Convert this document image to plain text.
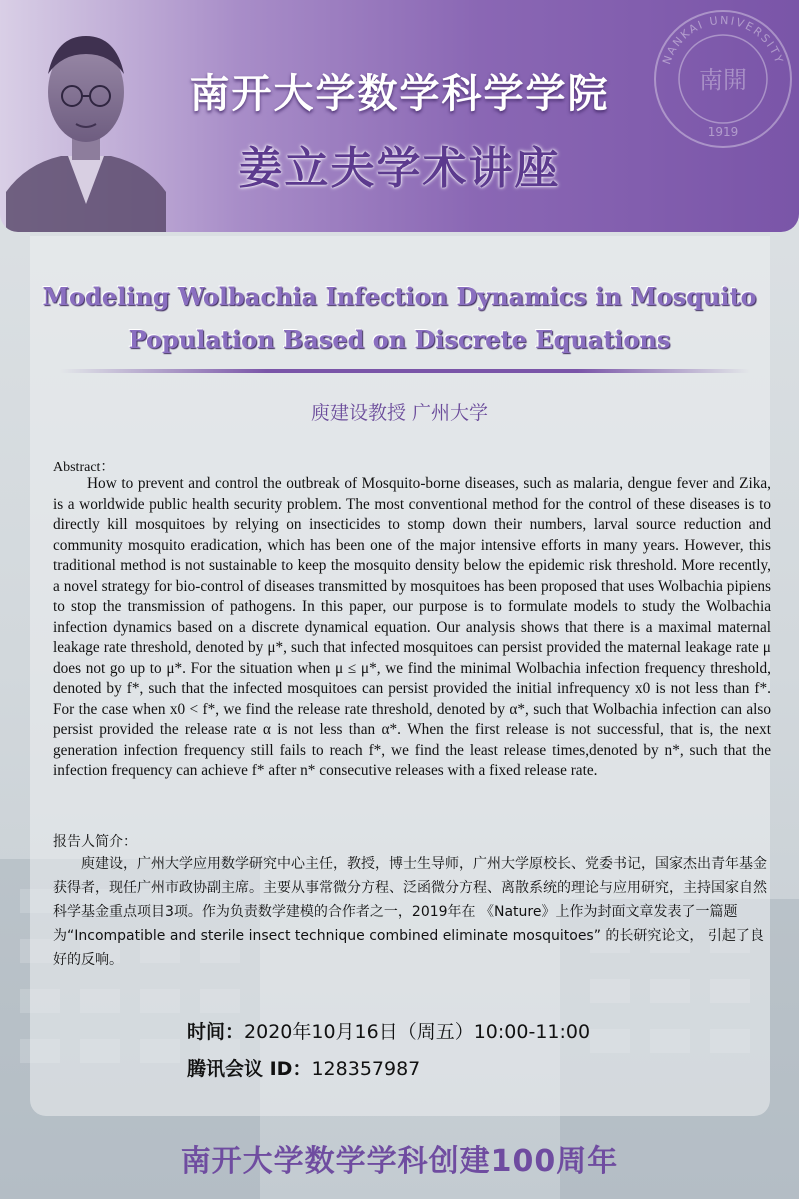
NANKAI UNIVERSITY
南開
1919
南开大学数学科学学院
姜立夫学术讲座
Modeling Wolbachia Infection Dynamics in Mosquito
Population Based on Discrete Equations
庾建设教授 广州大学
Abstract：

How to prevent and control the outbreak of Mosquito-borne diseases, such as malaria, dengue fever and Zika, is a worldwide public health security problem. The most conventional method for the control of these diseases is to directly kill mosquitoes by relying on insecticides to stomp down their numbers, larval source reduction and community mosquito eradication, which has been one of the major intensive efforts in many years. However, this traditional method is not sustainable to keep the mosquito density below the epidemic risk threshold. More recently, a novel strategy for bio-control of diseases transmitted by mosquitoes has been proposed that uses Wolbachia pipiens to stop the transmission of pathogens. In this paper, our purpose is to formulate models to study the Wolbachia infection dynamics based on a discrete dynamical equation. Our analysis shows that there is a maximal maternal leakage rate threshold, denoted by μ*, such that infected mosquitoes can persist provided the maternal leakage rate μ does not go up to μ*. For the situation when μ ≤ μ*, we find the minimal Wolbachia infection frequency threshold, denoted by f*, such that the infected mosquitoes can persist provided the initial infrequency x0 is not less than f*. For the case when x0 < f*, we find the release rate threshold, denoted by α*, such that Wolbachia infection can also persist provided the release rate α is not less than α*. When the first release is not successful, that is, the next generation infection frequency still fails to reach f*, we find the least release times,denoted by n*, such that the infection frequency can achieve f* after n* consecutive releases with a fixed release rate.

报告人简介：

庾建设，广州大学应用数学研究中心主任，教授，博士生导师，广州大学原校长、党委书记，国家杰出青年基金获得者，现任广州市政协副主席。主要从事常微分方程、泛函微分方程、离散系统的理论与应用研究，主持国家自然科学基金重点项目3项。作为负责数学建模的合作者之一，2019年在 《Nature》上作为封面文章发表了一篇题为“Incompatible and sterile insect technique combined eliminate mosquitoes” 的长研究论文， 引起了良好的反响。

时间：2020年10月16日（周五）10:00-11:00
腾讯会议 ID：128357987
南开大学数学学科创建100周年
